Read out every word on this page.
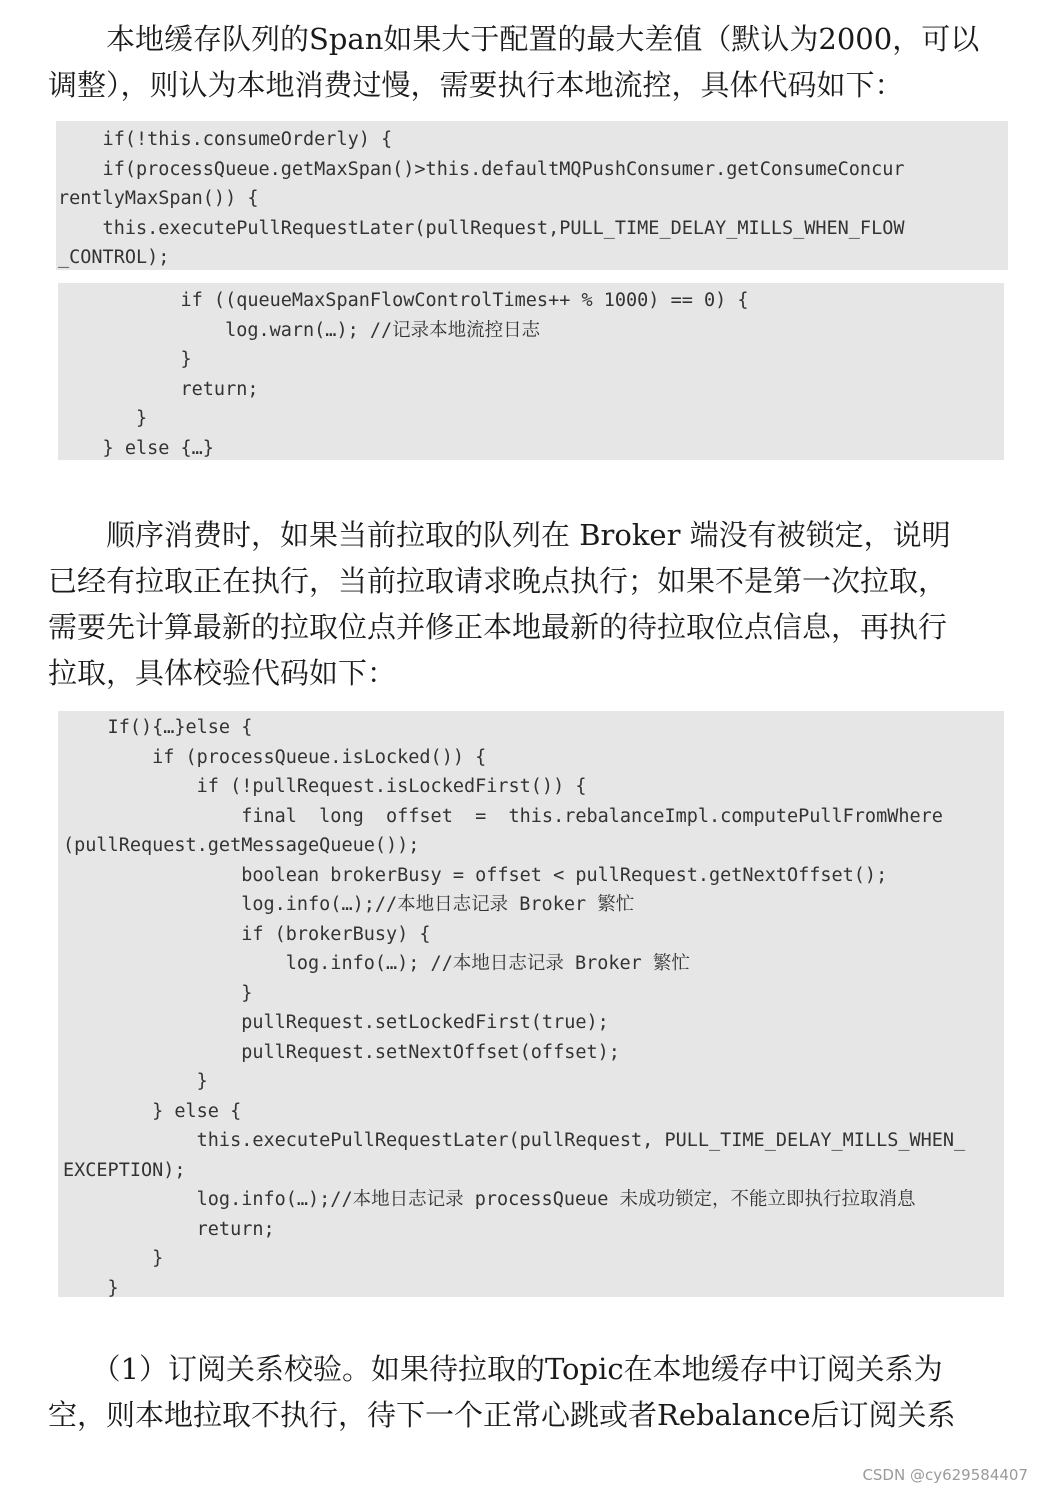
　　本地缓存队列的Span如果大于配置的最大差值（默认为2000，可以
调整），则认为本地消费过慢，需要执行本地流控，具体代码如下：
if(!this.consumeOrderly) {
if(processQueue.getMaxSpan()>this.defaultMQPushConsumer.getConsumeConcur
rentlyMaxSpan()) {
this.executePullRequestLater(pullRequest,PULL_TIME_DELAY_MILLS_WHEN_FLOW
_CONTROL);
if ((queueMaxSpanFlowControlTimes++ % 1000) == 0) {
log.warn(…); //记录本地流控日志
}
return;
}
} else {…}
　　顺序消费时，如果当前拉取的队列在 Broker 端没有被锁定，说明
已经有拉取正在执行，当前拉取请求晚点执行；如果不是第一次拉取，
需要先计算最新的拉取位点并修正本地最新的待拉取位点信息，再执行
拉取，具体校验代码如下：
If(){…}else {
if (processQueue.isLocked()) {
if (!pullRequest.isLockedFirst()) {
final  long  offset  =  this.rebalanceImpl.computePullFromWhere
(pullRequest.getMessageQueue());
boolean brokerBusy = offset < pullRequest.getNextOffset();
log.info(…);//本地日志记录 Broker 繁忙
if (brokerBusy) {
log.info(…); //本地日志记录 Broker 繁忙
}
pullRequest.setLockedFirst(true);
pullRequest.setNextOffset(offset);
}
} else {
this.executePullRequestLater(pullRequest, PULL_TIME_DELAY_MILLS_WHEN_
EXCEPTION);
log.info(…);//本地日志记录 processQueue 未成功锁定，不能立即执行拉取消息
return;
}
}
　　（1）订阅关系校验。如果待拉取的Topic在本地缓存中订阅关系为
空，则本地拉取不执行，待下一个正常心跳或者Rebalance后订阅关系
CSDN @cy629584407
